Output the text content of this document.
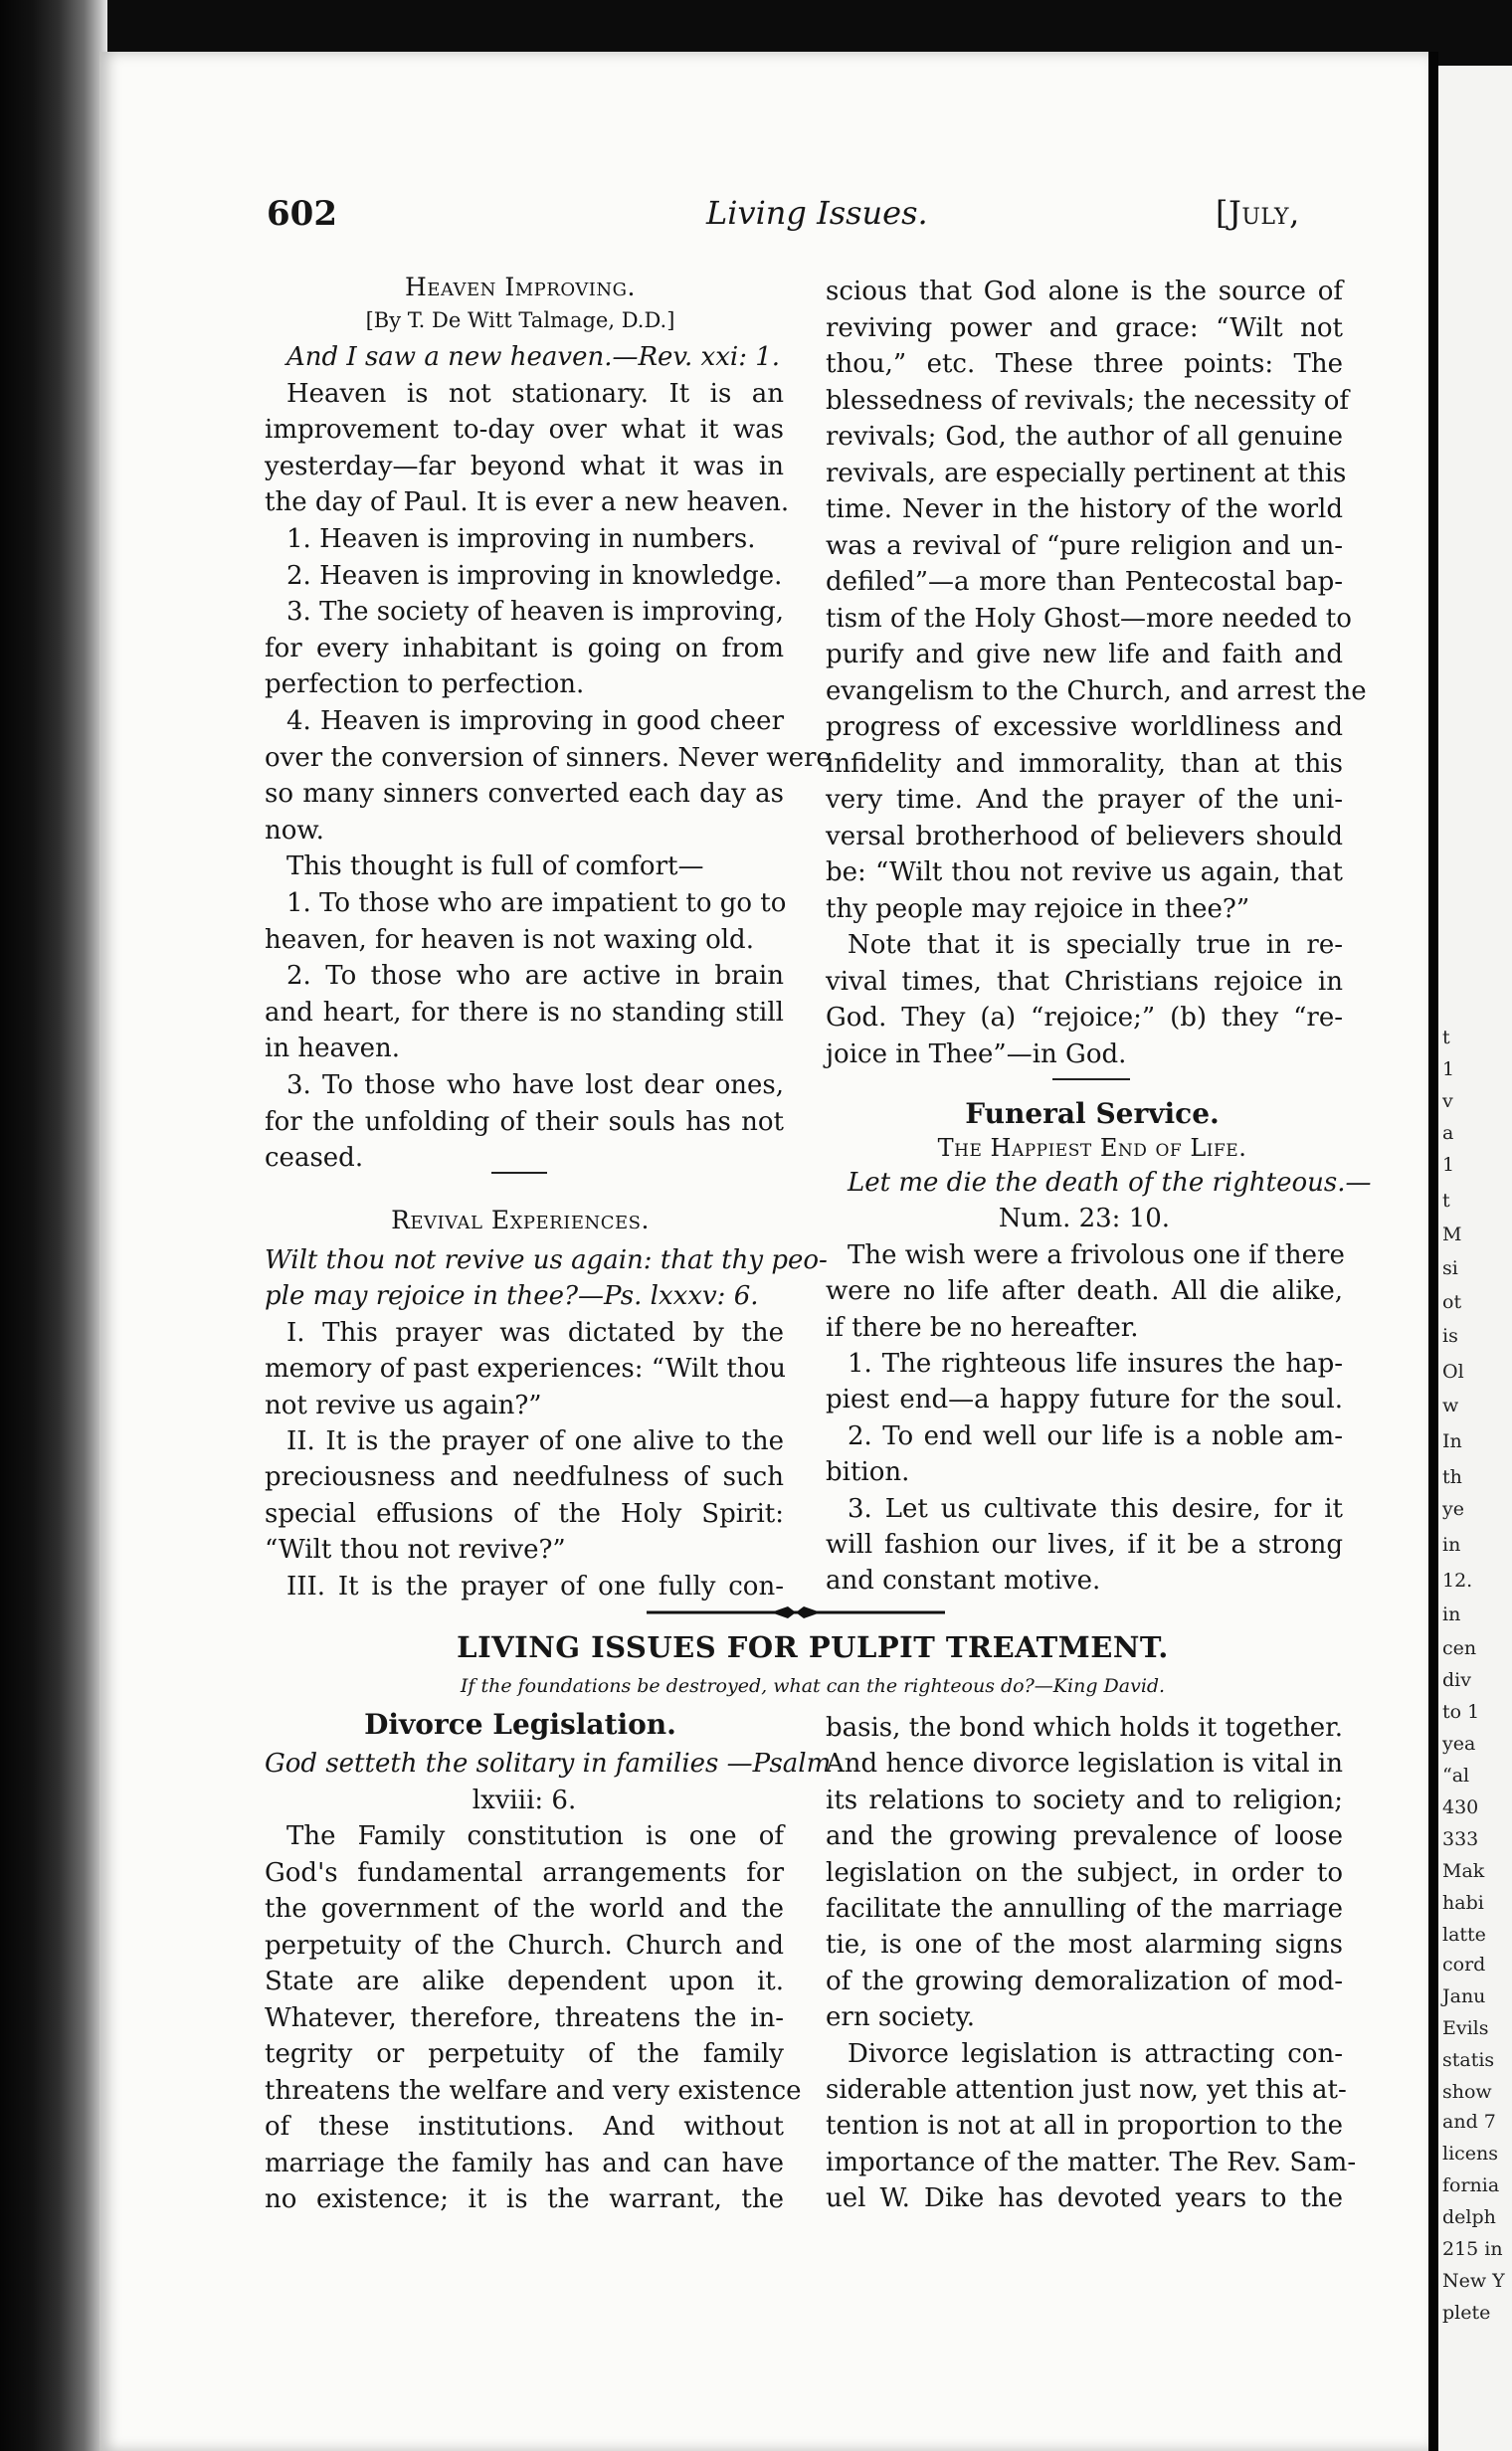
t
1
v
a
1
t
M
si
ot
is
Ol
w
In
th
ye
in
12.
in
cen
div
to 1
yea
“al
430
333
Mak
habi
latte
cord
Janu
Evils
statis
show
and 7
licens
fornia
delph
215 in
New Y
plete
602	Living Issues.	[July,
Heaven Improving.
[By T. De Witt Talmage, D.D.]
And I saw a new heaven.—Rev. xxi: 1.
Heaven is not stationary. It is an
improvement to-day over what it was
yesterday—far beyond what it was in
the day of Paul. It is ever a new heaven.
1. Heaven is improving in numbers.
2. Heaven is improving in knowledge.
3. The society of heaven is improving,
for every inhabitant is going on from
perfection to perfection.
4. Heaven is improving in good cheer
over the conversion of sinners. Never were
so many sinners converted each day as
now.
This thought is full of comfort—
1. To those who are impatient to go to
heaven, for heaven is not waxing old.
2. To those who are active in brain
and heart, for there is no standing still
in heaven.
3. To those who have lost dear ones,
for the unfolding of their souls has not
ceased.
Revival Experiences.
Wilt thou not revive us again: that thy peo-
ple may rejoice in thee?—Ps. lxxxv: 6.
I. This prayer was dictated by the
memory of past experiences: “Wilt thou
not revive us again?”
II. It is the prayer of one alive to the
preciousness and needfulness of such
special effusions of the Holy Spirit:
“Wilt thou not revive?”
III. It is the prayer of one fully con-
scious that God alone is the source of
reviving power and grace: “Wilt not
thou,” etc. These three points: The
blessedness of revivals; the necessity of
revivals; God, the author of all genuine
revivals, are especially pertinent at this
time. Never in the history of the world
was a revival of “pure religion and un-
defiled”—a more than Pentecostal bap-
tism of the Holy Ghost—more needed to
purify and give new life and faith and
evangelism to the Church, and arrest the
progress of excessive worldliness and
infidelity and immorality, than at this
very time. And the prayer of the uni-
versal brotherhood of believers should
be: “Wilt thou not revive us again, that
thy people may rejoice in thee?”
Note that it is specially true in re-
vival times, that Christians rejoice in
God. They (a) “rejoice;” (b) they “re-
joice in Thee”—in God.
Funeral Service.
The Happiest End of Life.
Let me die the death of the righteous.—
Num. 23: 10.
The wish were a frivolous one if there
were no life after death. All die alike,
if there be no hereafter.
1. The righteous life insures the hap-
piest end—a happy future for the soul.
2. To end well our life is a noble am-
bition.
3. Let us cultivate this desire, for it
will fashion our lives, if it be a strong
and constant motive.
LIVING ISSUES FOR PULPIT TREATMENT.
If the foundations be destroyed, what can the righteous do?—King David.
Divorce Legislation.
God setteth the solitary in families —Psalm
lxviii: 6.
The Family constitution is one of
God's fundamental arrangements for
the government of the world and the
perpetuity of the Church. Church and
State are alike dependent upon it.
Whatever, therefore, threatens the in-
tegrity or perpetuity of the family
threatens the welfare and very existence
of these institutions. And without
marriage the family has and can have
no existence; it is the warrant, the
basis, the bond which holds it together.
And hence divorce legislation is vital in
its relations to society and to religion;
and the growing prevalence of loose
legislation on the subject, in order to
facilitate the annulling of the marriage
tie, is one of the most alarming signs
of the growing demoralization of mod-
ern society.
Divorce legislation is attracting con-
siderable attention just now, yet this at-
tention is not at all in proportion to the
importance of the matter. The Rev. Sam-
uel W. Dike has devoted years to the
